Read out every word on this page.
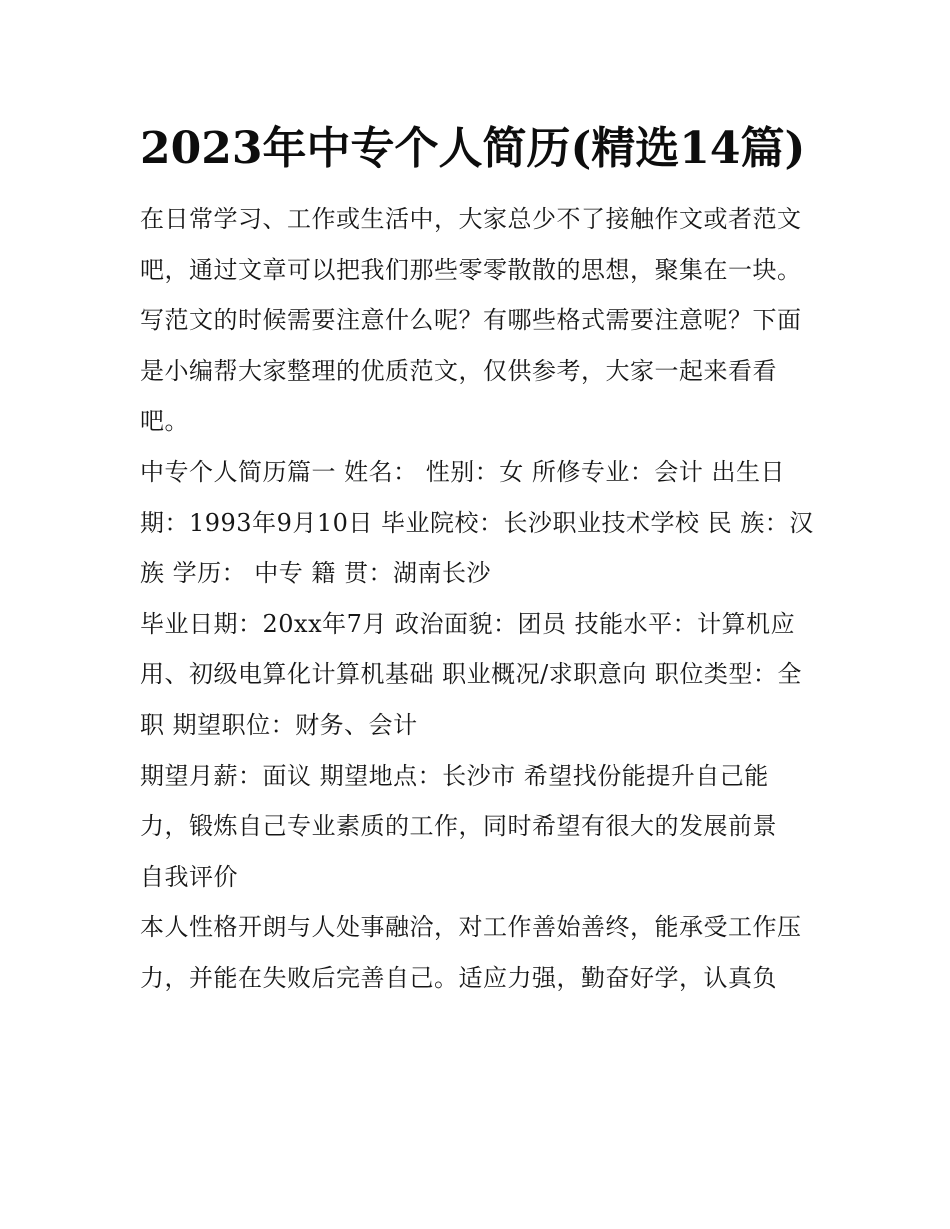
2023年中专个人简历(精选14篇)

在日常学习、工作或生活中，大家总少不了接触作文或者范文吧，通过文章可以把我们那些零零散散的思想，聚集在一块。写范文的时候需要注意什么呢？有哪些格式需要注意呢？下面是小编帮大家整理的优质范文，仅供参考，大家一起来看看吧。

中专个人简历篇一 姓名： 性别：女 所修专业：会计 出生日期：1993年9月10日 毕业院校：长沙职业技术学校 民 族：汉族 学历： 中专 籍 贯：湖南长沙

毕业日期：20xx年7月 政治面貌：团员 技能水平：计算机应用、初级电算化计算机基础 职业概况/求职意向 职位类型：全职 期望职位：财务、会计

期望月薪：面议 期望地点：长沙市 希望找份能提升自己能力，锻炼自己专业素质的工作，同时希望有很大的发展前景

自我评价

本人性格开朗与人处事融洽，对工作善始善终，能承受工作压力，并能在失败后完善自己。适应力强，勤奋好学，认真负
